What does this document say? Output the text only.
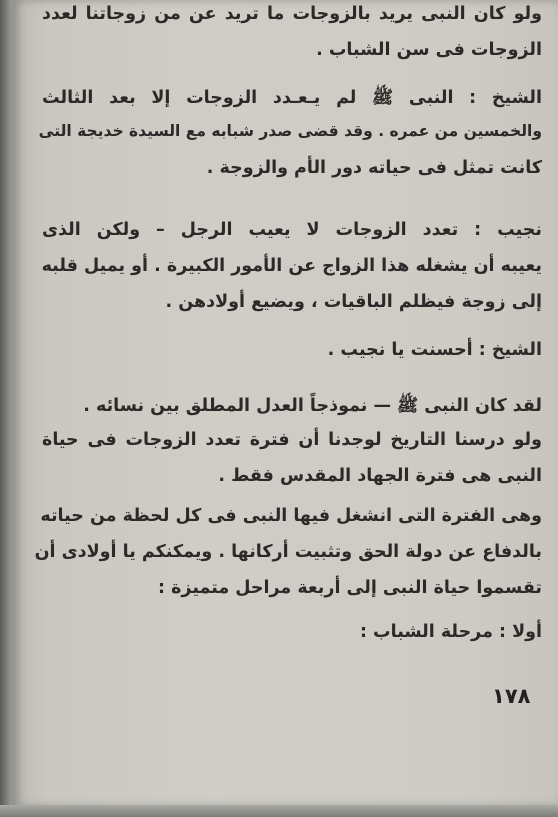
ولو كان النبى يريد بالزوجات ما تريد عن من زوجاتنا لعدد
الزوجات فى سن الشباب .
الشيخ : النبى ﷺ لم يـعـدد الزوجات إلا بعد الثالث
والخمسين من عمره . وقد قضى صدر شبابه مع السيدة خديجة التى
كانت تمثل فى حياته دور الأم والزوجة .
نجيب : تعدد الزوجات لا يعيب الرجل – ولكن الذى
يعيبه أن يشغله هذا الزواج عن الأمور الكبيرة . أو يميل قلبه
إلى زوجة فيظلم الباقيات ، ويضيع أولادهن .
الشيخ : أحسنت يا نجيب .
لقد كان النبى ﷺ — نموذجاً العدل المطلق بين نسائه .
ولو درسنا التاريخ لوجدنا أن فترة تعدد الزوجات فى حياة
النبى هى فترة الجهاد المقدس فقط .
وهى الفترة التى انشغل فيها النبى فى كل لحظة من حياته
بالدفاع عن دولة الحق وتثبيت أركانها . ويمكنكم يا أولادى أن
تقسموا حياة النبى إلى أربعة مراحل متميزة :
أولا : مرحلة الشباب :
١٧٨
